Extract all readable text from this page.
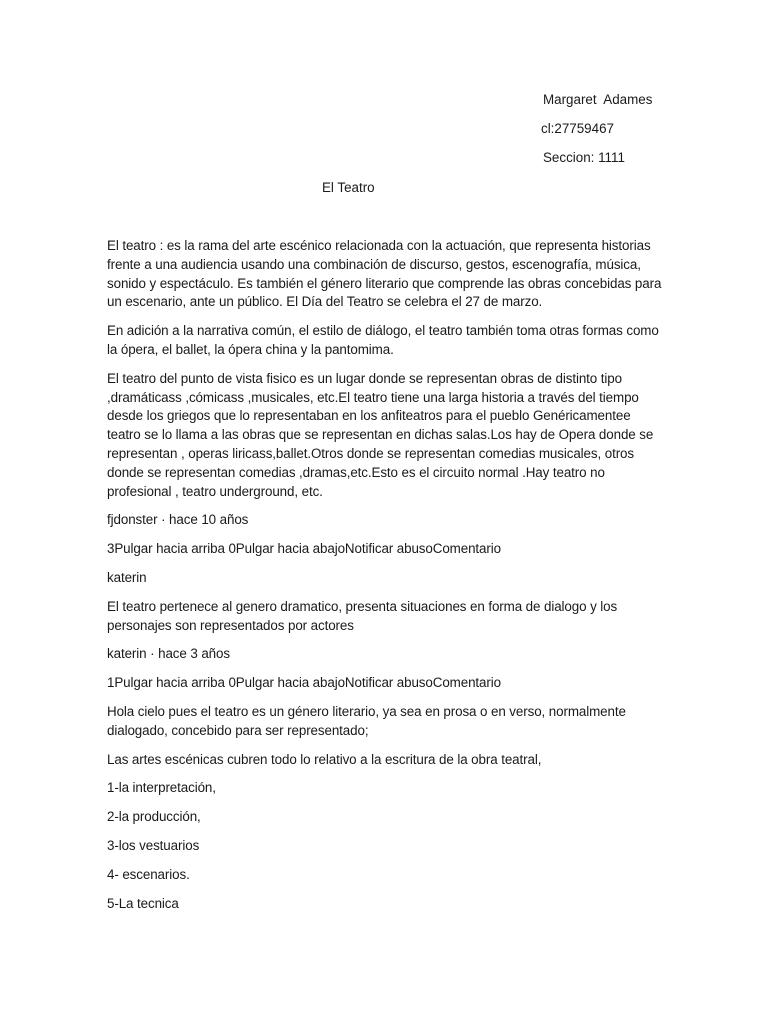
Margaret  Adames
cl:27759467
Seccion: 1111
El Teatro

El teatro : es la rama del arte escénico relacionada con la actuación, que representa historias frente a una audiencia usando una combinación de discurso, gestos, escenografía, música, sonido y espectáculo. Es también el género literario que comprende las obras concebidas para un escenario, ante un público. El Día del Teatro se celebra el 27 de marzo.

En adición a la narrativa común, el estilo de diálogo, el teatro también toma otras formas como la ópera, el ballet, la ópera china y la pantomima.

El teatro del punto de vista fisico es un lugar donde se representan obras de distinto tipo ,dramáticass ,cómicass ,musicales, etc.El teatro tiene una larga historia a través del tiempo desde los griegos que lo representaban en los anfiteatros para el pueblo Genéricamentee teatro se lo llama a las obras que se representan en dichas salas.Los hay de Opera donde se representan , operas liricass,ballet.Otros donde se representan comedias musicales, otros donde se representan comedias ,dramas,etc.Esto es el circuito normal .Hay teatro no profesional , teatro underground, etc.

fjdonster · hace 10 años

3Pulgar hacia arriba 0Pulgar hacia abajoNotificar abusoComentario

katerin

El teatro pertenece al genero dramatico, presenta situaciones en forma de dialogo y los personajes son representados por actores

katerin · hace 3 años

1Pulgar hacia arriba 0Pulgar hacia abajoNotificar abusoComentario

Hola cielo pues el teatro es un género literario, ya sea en prosa o en verso, normalmente dialogado, concebido para ser representado;

Las artes escénicas cubren todo lo relativo a la escritura de la obra teatral,

1-la interpretación,

2-la producción,

3-los vestuarios

4- escenarios.

5-La tecnica
